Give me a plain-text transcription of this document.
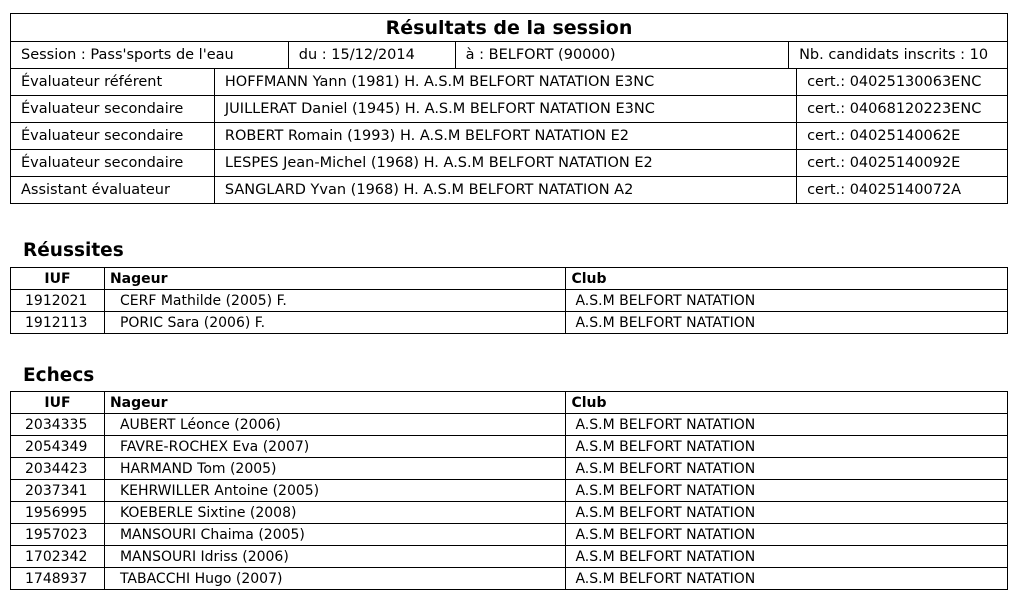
Résultats de la session					
Session : Pass'sports de l'eau		du : 15/12/2014	à : BELFORT (90000)	Nb. candidats inscrits : 10	
Évaluateur référent	HOFFMANN Yann (1981) H. A.S.M BELFORT NATATION E3NC				cert.: 04025130063ENC
Évaluateur secondaire	JUILLERAT Daniel (1945) H. A.S.M BELFORT NATATION E3NC				cert.: 04068120223ENC
Évaluateur secondaire	ROBERT Romain (1993) H. A.S.M BELFORT NATATION E2				cert.: 04025140062E
Évaluateur secondaire	LESPES Jean-Michel (1968) H. A.S.M BELFORT NATATION E2				cert.: 04025140092E
Assistant évaluateur	SANGLARD Yvan (1968) H. A.S.M BELFORT NATATION A2				cert.: 04025140072A
Réussites
IUF	Nageur	Club
1912021	CERF Mathilde (2005) F.	A.S.M BELFORT NATATION
1912113	PORIC Sara (2006) F.	A.S.M BELFORT NATATION
Echecs
IUF	Nageur	Club
2034335	AUBERT Léonce (2006)	A.S.M BELFORT NATATION
2054349	FAVRE-ROCHEX Eva (2007)	A.S.M BELFORT NATATION
2034423	HARMAND Tom (2005)	A.S.M BELFORT NATATION
2037341	KEHRWILLER Antoine (2005)	A.S.M BELFORT NATATION
1956995	KOEBERLE Sixtine (2008)	A.S.M BELFORT NATATION
1957023	MANSOURI Chaima (2005)	A.S.M BELFORT NATATION
1702342	MANSOURI Idriss (2006)	A.S.M BELFORT NATATION
1748937	TABACCHI Hugo (2007)	A.S.M BELFORT NATATION
